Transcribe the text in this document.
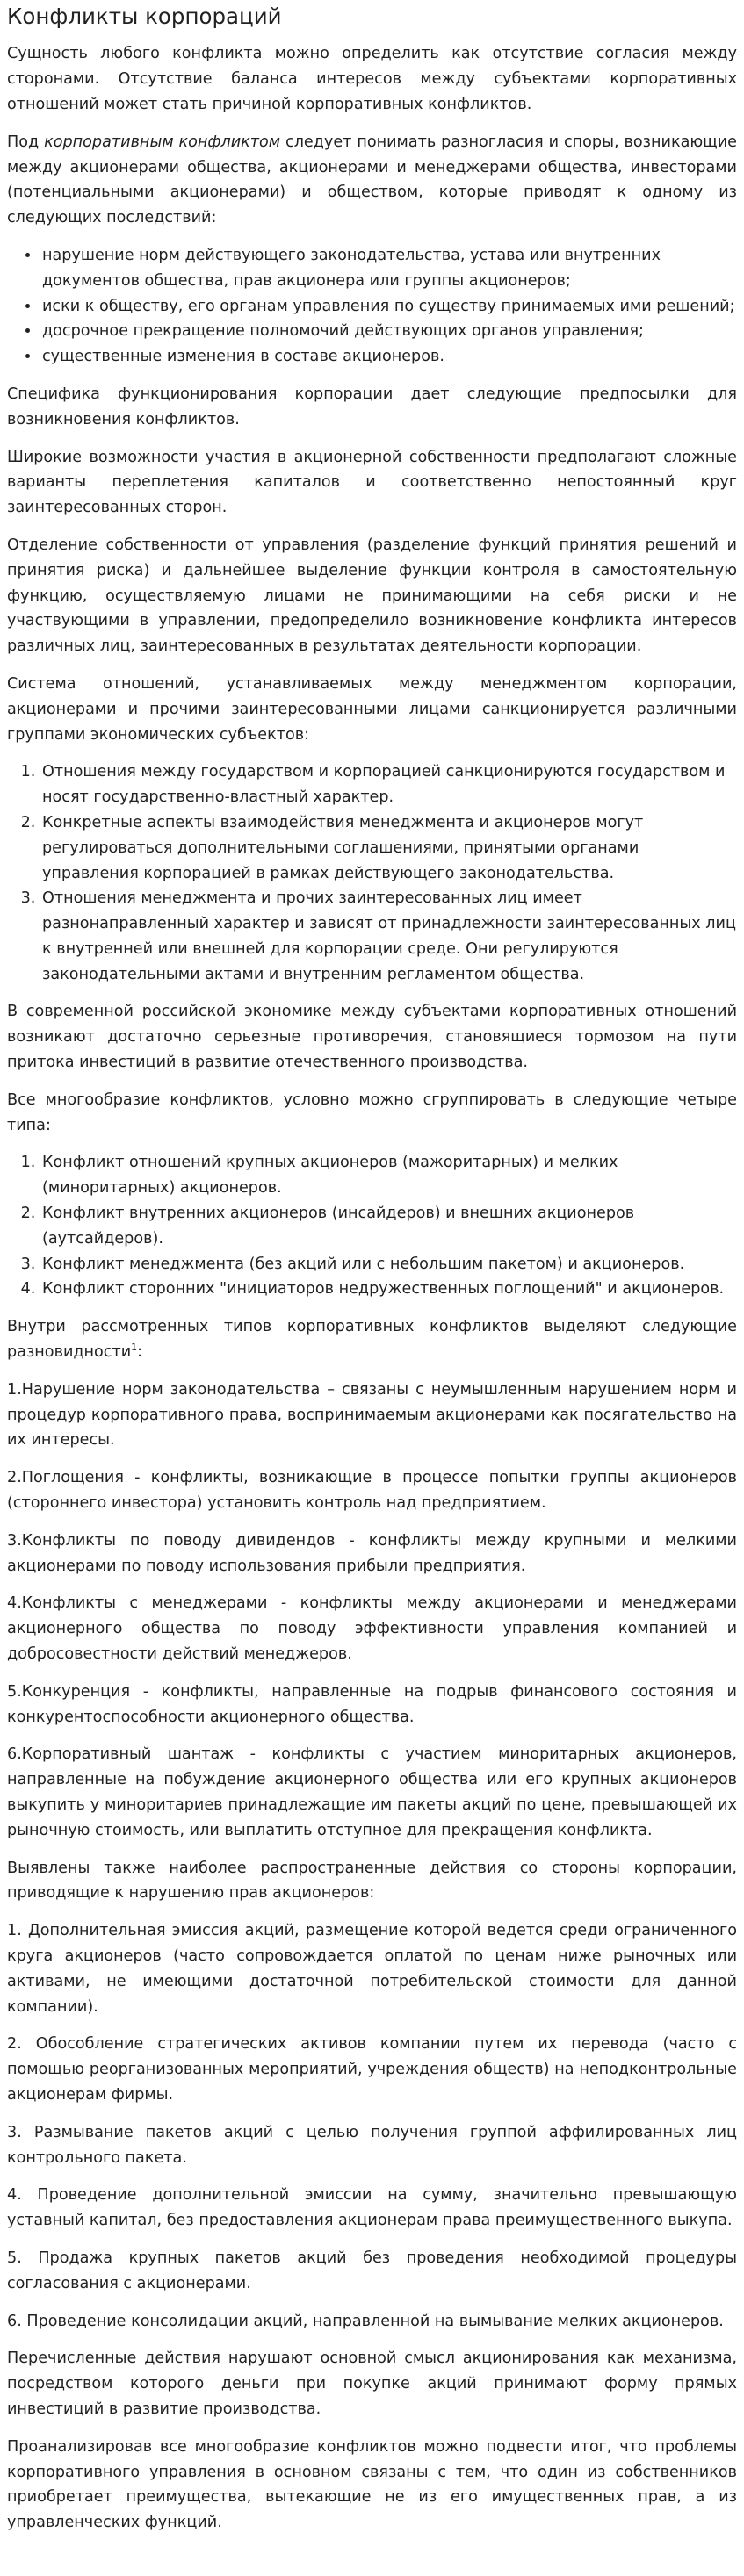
Конфликты корпораций

Сущность любого конфликта можно определить как отсутствие согласия между сторонами. Отсутствие баланса интересов между субъектами корпоративных отношений может стать причиной корпоративных конфликтов.

Под корпоративным конфликтом следует понимать разногласия и споры, возникающие между акционерами общества, акционерами и менеджерами общества, инвесторами (потенциальными акционерами) и обществом, которые приводят к одному из следующих последствий:

• нарушение норм действующего законодательства, устава или внутренних документов общества, прав акционера или группы акционеров;
• иски к обществу, его органам управления по существу принимаемых ими решений;
• досрочное прекращение полномочий действующих органов управления;
• существенные изменения в составе акционеров.

Специфика функционирования корпорации дает следующие предпосылки для возникновения конфликтов.

Широкие возможности участия в акционерной собственности предполагают сложные варианты переплетения капиталов и соответственно непостоянный круг заинтересованных сторон.

Отделение собственности от управления (разделение функций принятия решений и принятия риска) и дальнейшее выделение функции контроля в самостоятельную функцию, осуществляемую лицами не принимающими на себя риски и не участвующими в управлении, предопределило возникновение конфликта интересов различных лиц, заинтересованных в результатах деятельности корпорации.

Система отношений, устанавливаемых между менеджментом корпорации, акционерами и прочими заинтересованными лицами санкционируется различными группами экономических субъектов:

1. Отношения между государством и корпорацией санкционируются государством и носят государственно-властный характер.
2. Конкретные аспекты взаимодействия менеджмента и акционеров могут регулироваться дополнительными соглашениями, принятыми органами управления корпорацией в рамках действующего законодательства.
3. Отношения менеджмента и прочих заинтересованных лиц имеет разнонаправленный характер и зависят от принадлежности заинтересованных лиц к внутренней или внешней для корпорации среде. Они регулируются законодательными актами и внутренним регламентом общества.

В современной российской экономике между субъектами корпоративных отношений возникают достаточно серьезные противоречия, становящиеся тормозом на пути притока инвестиций в развитие отечественного производства.

Все многообразие конфликтов, условно можно сгруппировать в следующие четыре типа:

1. Конфликт отношений крупных акционеров (мажоритарных) и мелких (миноритарных) акционеров.
2. Конфликт внутренних акционеров (инсайдеров) и внешних акционеров (аутсайдеров).
3. Конфликт менеджмента (без акций или с небольшим пакетом) и акционеров.
4. Конфликт сторонних "инициаторов недружественных поглощений" и акционеров.

Внутри рассмотренных типов корпоративных конфликтов выделяют следующие разновидности$^1$:

1.Нарушение норм законодательства – связаны с неумышленным нарушением норм и процедур корпоративного права, воспринимаемым акционерами как посягательство на их интересы.

2.Поглощения - конфликты, возникающие в процессе попытки группы акционеров (стороннего инвестора) установить контроль над предприятием.

3.Конфликты по поводу дивидендов - конфликты между крупными и мелкими акционерами по поводу использования прибыли предприятия.

4.Конфликты с менеджерами - конфликты между акционерами и менеджерами акционерного общества по поводу эффективности управления компанией и добросовестности действий менеджеров.

5.Конкуренция - конфликты, направленные на подрыв финансового состояния и конкурентоспособности акционерного общества.

6.Корпоративный шантаж - конфликты с участием миноритарных акционеров, направленные на побуждение акционерного общества или его крупных акционеров выкупить у миноритариев принадлежащие им пакеты акций по цене, превышающей их рыночную стоимость, или выплатить отступное для прекращения конфликта.

Выявлены также наиболее распространенные действия со стороны корпорации, приводящие к нарушению прав акционеров:

1. Дополнительная эмиссия акций, размещение которой ведется среди ограниченного круга акционеров (часто сопровождается оплатой по ценам ниже рыночных или активами, не имеющими достаточной потребительской стоимости для данной компании).

2. Обособление стратегических активов компании путем их перевода (часто с помощью реорганизованных мероприятий, учреждения обществ) на неподконтрольные акционерам фирмы.

3. Размывание пакетов акций с целью получения группой аффилированных лиц контрольного пакета.

4. Проведение дополнительной эмиссии на сумму, значительно превышающую уставный капитал, без предоставления акционерам права преимущественного выкупа.

5. Продажа крупных пакетов акций без проведения необходимой процедуры согласования с акционерами.

6. Проведение консолидации акций, направленной на вымывание мелких акционеров.

Перечисленные действия нарушают основной смысл акционирования как механизма, посредством которого деньги при покупке акций принимают форму прямых инвестиций в развитие производства.

Проанализировав все многообразие конфликтов можно подвести итог, что проблемы корпоративного управления в основном связаны с тем, что один из собственников приобретает преимущества, вытекающие не из его имущественных прав, а из управленческих функций.
